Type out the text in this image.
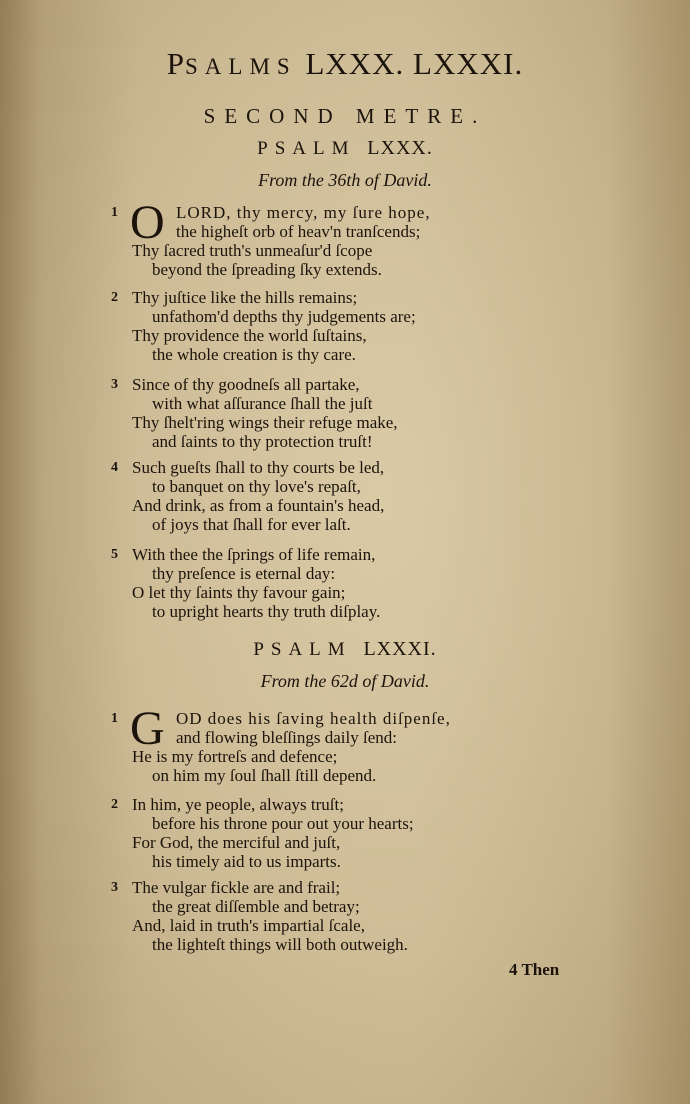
PSALMS LXXX. LXXXI.
SECOND METRE.
PSALM LXXX.
From the 36th of David.
1 O LORD, thy mercy, my ſure hope,
the higheſt orb of heav'n tranſcends;
Thy ſacred truth's unmeaſur'd ſcope
beyond the ſpreading ſky extends.
2 Thy juſtice like the hills remains;
unfathom'd depths thy judgements are;
Thy providence the world ſuſtains,
the whole creation is thy care.
3 Since of thy goodneſs all partake,
with what aſſurance ſhall the juſt
Thy ſhelt'ring wings their refuge make,
and ſaints to thy protection truſt!
4 Such gueſts ſhall to thy courts be led,
to banquet on thy love's repaſt,
And drink, as from a fountain's head,
of joys that ſhall for ever laſt.
5 With thee the ſprings of life remain,
thy preſence is eternal day:
O let thy ſaints thy favour gain;
to upright hearts thy truth diſplay.
PSALM LXXXI.
From the 62d of David.
1 G OD does his ſaving health diſpenſe,
and flowing bleſſings daily ſend:
He is my fortreſs and defence;
on him my ſoul ſhall ſtill depend.
2 In him, ye people, always truſt;
before his throne pour out your hearts;
For God, the merciful and juſt,
his timely aid to us imparts.
3 The vulgar fickle are and frail;
the great diſſemble and betray;
And, laid in truth's impartial ſcale,
the lighteſt things will both outweigh.
4 Then
